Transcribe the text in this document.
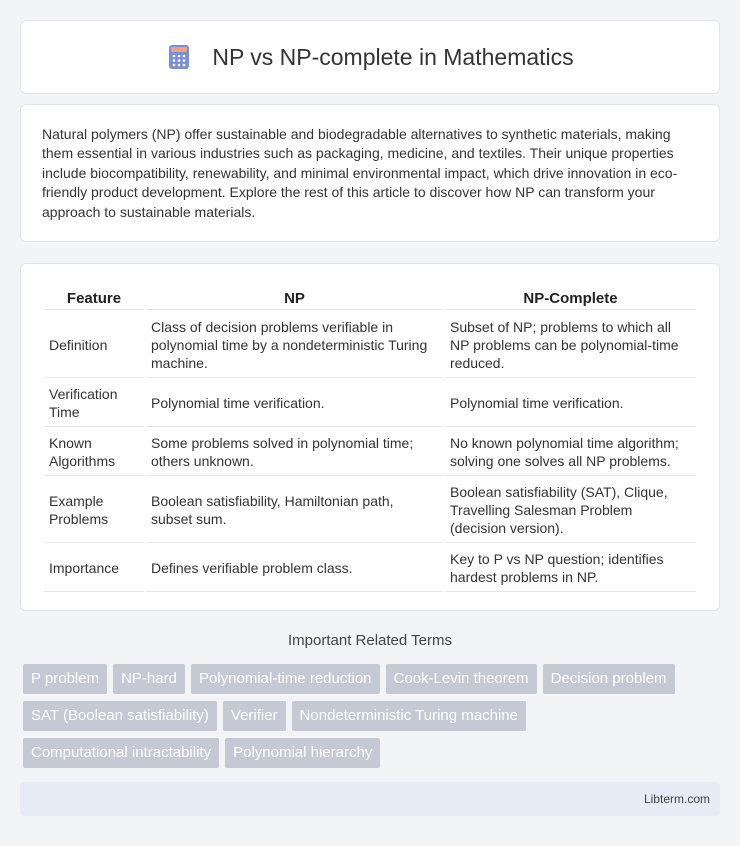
NP vs NP-complete in Mathematics

Natural polymers (NP) offer sustainable and biodegradable alternatives to synthetic materials, making them essential in various industries such as packaging, medicine, and textiles. Their unique properties include biocompatibility, renewability, and minimal environmental impact, which drive innovation in eco-friendly product development. Explore the rest of this article to discover how NP can transform your approach to sustainable materials.

Feature	NP	NP-Complete
Definition	Class of decision problems verifiable in polynomial time by a nondeterministic Turing machine.	Subset of NP; problems to which all NP problems can be polynomial-time reduced.
Verification Time	Polynomial time verification.	Polynomial time verification.
Known Algorithms	Some problems solved in polynomial time; others unknown.	No known polynomial time algorithm; solving one solves all NP problems.
Example Problems	Boolean satisfiability, Hamiltonian path, subset sum.	Boolean satisfiability (SAT), Clique, Travelling Salesman Problem (decision version).
Importance	Defines verifiable problem class.	Key to P vs NP question; identifies hardest problems in NP.
Important Related Terms
P problem	NP-hard	Polynomial-time reduction	Cook-Levin theorem	Decision problem
SAT (Boolean satisfiability)	Verifier	Nondeterministic Turing machine
Computational intractability	Polynomial hierarchy
Libterm.com
